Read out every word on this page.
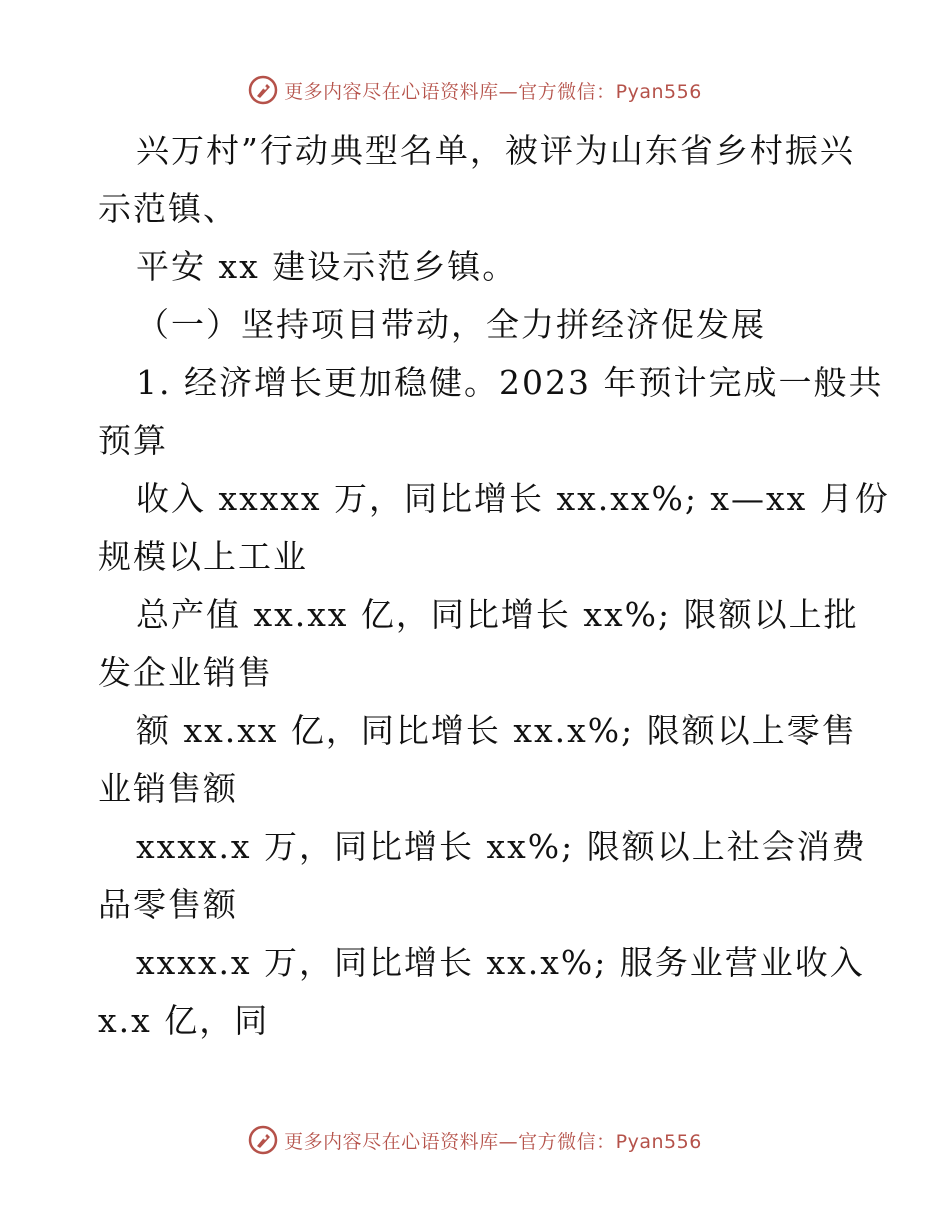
更多内容尽在心语资料库—官方微信：Pyan556
兴万村”行动典型名单，被评为山东省乡村振兴
示范镇、
平安 xx 建设示范乡镇。
（一）坚持项目带动，全力拼经济促发展
1. 经济增长更加稳健。2023 年预计完成一般共
预算
收入 xxxxx 万，同比增长 xx.xx%; x—xx 月份
规模以上工业
总产值 xx.xx 亿，同比增长 xx%; 限额以上批
发企业销售
额 xx.xx 亿，同比增长 xx.x%; 限额以上零售
业销售额
xxxx.x 万，同比增长 xx%; 限额以上社会消费
品零售额
xxxx.x 万，同比增长 xx.x%; 服务业营业收入
x.x 亿，同
更多内容尽在心语资料库—官方微信：Pyan556
